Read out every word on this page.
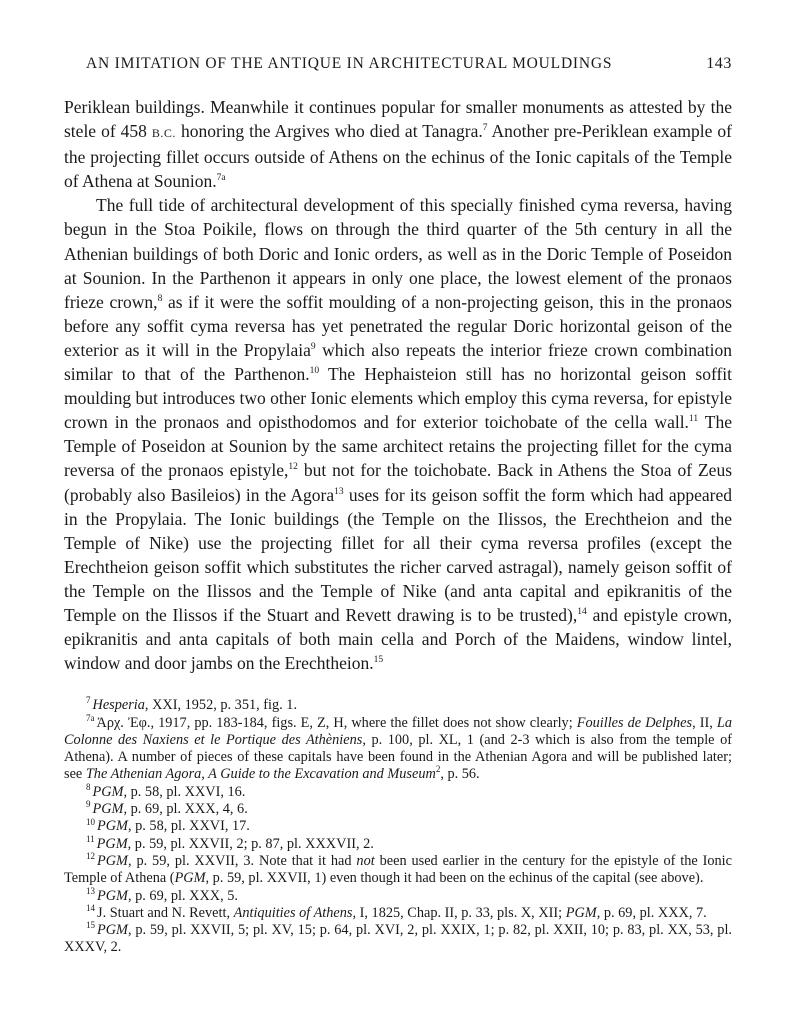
AN IMITATION OF THE ANTIQUE IN ARCHITECTURAL MOULDINGS	143

Periklean buildings. Meanwhile it continues popular for smaller monuments as attested by the stele of 458 B.C. honoring the Argives who died at Tanagra.$^7$ Another pre-Periklean example of the projecting fillet occurs outside of Athens on the echinus of the Ionic capitals of the Temple of Athena at Sounion.$^{7a}$

The full tide of architectural development of this specially finished cyma reversa, having begun in the Stoa Poikile, flows on through the third quarter of the 5th century in all the Athenian buildings of both Doric and Ionic orders, as well as in the Doric Temple of Poseidon at Sounion. In the Parthenon it appears in only one place, the lowest element of the pronaos frieze crown,$^8$ as if it were the soffit moulding of a non-projecting geison, this in the pronaos before any soffit cyma reversa has yet penetrated the regular Doric horizontal geison of the exterior as it will in the Propylaia$^9$ which also repeats the interior frieze crown combination similar to that of the Parthenon.$^{10}$ The Hephaisteion still has no horizontal geison soffit moulding but introduces two other Ionic elements which employ this cyma reversa, for epistyle crown in the pronaos and opisthodomos and for exterior toichobate of the cella wall.$^{11}$ The Temple of Poseidon at Sounion by the same architect retains the projecting fillet for the cyma reversa of the pronaos epistyle,$^{12}$ but not for the toichobate. Back in Athens the Stoa of Zeus (probably also Basileios) in the Agora$^{13}$ uses for its geison soffit the form which had appeared in the Propylaia. The Ionic buildings (the Temple on the Ilissos, the Erechtheion and the Temple of Nike) use the projecting fillet for all their cyma reversa profiles (except the Erechtheion geison soffit which substitutes the richer carved astragal), namely geison soffit of the Temple on the Ilissos and the Temple of Nike (and anta capital and epikranitis of the Temple on the Ilissos if the Stuart and Revett drawing is to be trusted),$^{14}$ and epistyle crown, epikranitis and anta capitals of both main cella and Porch of the Maidens, window lintel, window and door jambs on the Erechtheion.$^{15}$

$^7$ Hesperia, XXI, 1952, p. 351, fig. 1.

$^{7a}$ Ἀρχ. Ἐφ., 1917, pp. 183-184, figs. E, Z, H, where the fillet does not show clearly; Fouilles de Delphes, II, La Colonne des Naxiens et le Portique des Athèniens, p. 100, pl. XL, 1 (and 2-3 which is also from the temple of Athena). A number of pieces of these capitals have been found in the Athenian Agora and will be published later; see The Athenian Agora, A Guide to the Excavation and Museum$^2$, p. 56.

$^8$ PGM, p. 58, pl. XXVI, 16.

$^9$ PGM, p. 69, pl. XXX, 4, 6.

$^{10}$ PGM, p. 58, pl. XXVI, 17.

$^{11}$ PGM, p. 59, pl. XXVII, 2; p. 87, pl. XXXVII, 2.

$^{12}$ PGM, p. 59, pl. XXVII, 3. Note that it had not been used earlier in the century for the epistyle of the Ionic Temple of Athena (PGM, p. 59, pl. XXVII, 1) even though it had been on the echinus of the capital (see above).

$^{13}$ PGM, p. 69, pl. XXX, 5.

$^{14}$ J. Stuart and N. Revett, Antiquities of Athens, I, 1825, Chap. II, p. 33, pls. X, XII; PGM, p. 69, pl. XXX, 7.

$^{15}$ PGM, p. 59, pl. XXVII, 5; pl. XV, 15; p. 64, pl. XVI, 2, pl. XXIX, 1; p. 82, pl. XXII, 10; p. 83, pl. XX, 53, pl. XXXV, 2.
